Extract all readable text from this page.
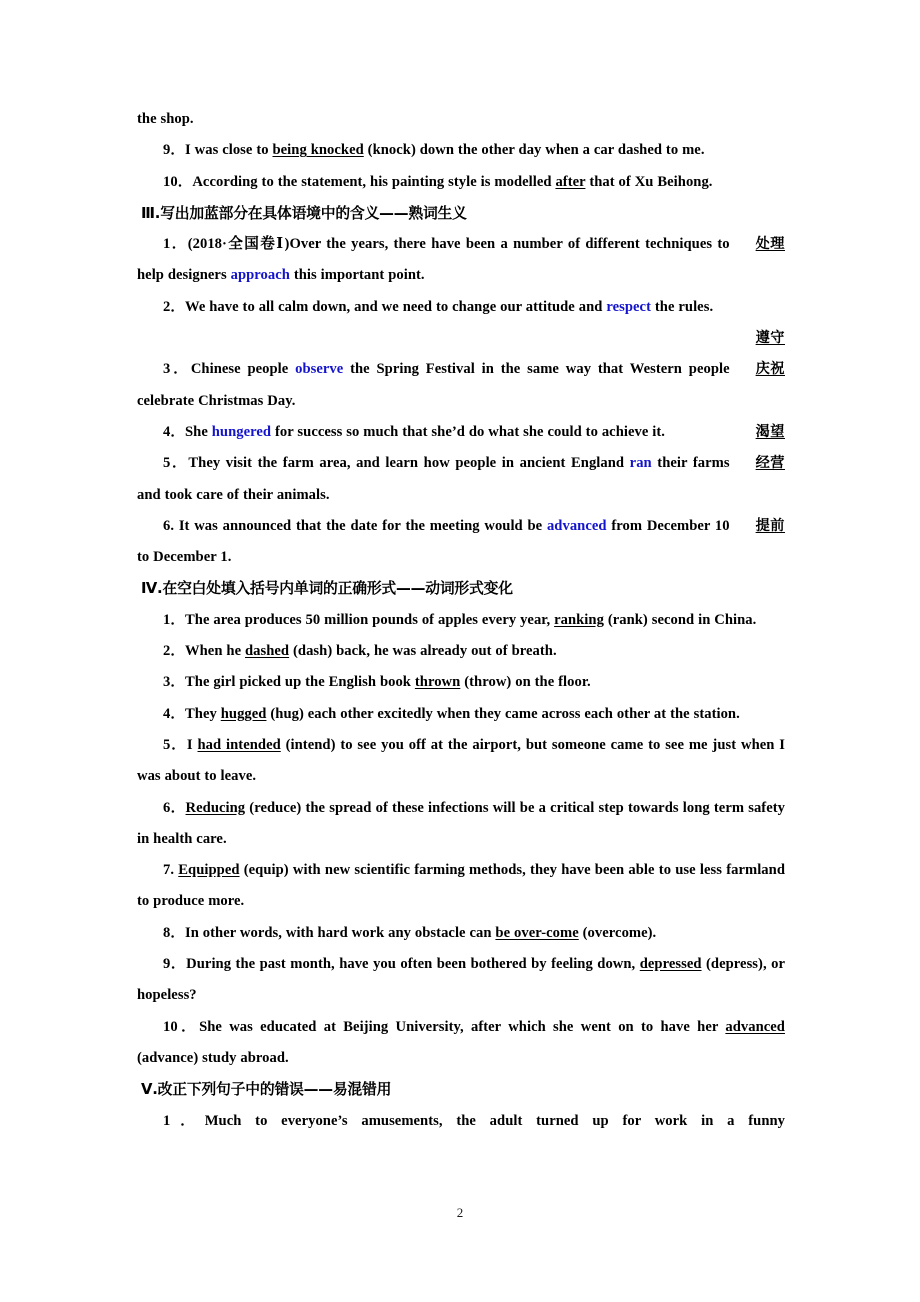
the shop.

9．I was close to being knocked (knock) down the other day when a car dashed to me.

10．According to the statement, his painting style is modelled after that of Xu Beihong.

Ⅲ.写出加蓝部分在具体语境中的含义——熟词生义

处理
1．(2018·全国卷Ⅰ)Over the years, there have been a number of different techniques to help designers approach this important point.

2．We have to all calm down, and we need to change our attitude and respect the rules.

遵守

庆祝
3．Chinese people observe the Spring Festival in the same way that Western people celebrate Christmas Day.

渴望
4．She hungered for success so much that she’d do what she could to achieve it.

经营
5．They visit the farm area, and learn how people in ancient England ran their farms and took care of their animals.

提前
6. It was announced that the date for the meeting would be advanced from December 10 to December 1.

Ⅳ.在空白处填入括号内单词的正确形式——动词形式变化

1．The area produces 50 million pounds of apples every year, ranking (rank) second in China.

2．When he dashed (dash) back, he was already out of breath.

3．The girl picked up the English book thrown (throw) on the floor.

4．They hugged (hug) each other excitedly when they came across each other at the station.

5．I had intended (intend) to see you off at the airport, but someone came to see me just when I was about to leave.

6．Reducing (reduce) the spread of these infections will be a critical step towards long term safety in health care.

7. Equipped (equip) with new scientific farming methods, they have been able to use less farmland to produce more.

8．In other words, with hard work any obstacle can be over-come (overcome).

9．During the past month, have you often been bothered by feeling down, depressed (depress), or hopeless?

10．She was educated at Beijing University, after which she went on to have her advanced (advance) study abroad.

Ⅴ.改正下列句子中的错误——易混错用

1．Much to everyone’s amusements, the adult turned up for work in a funny

2
